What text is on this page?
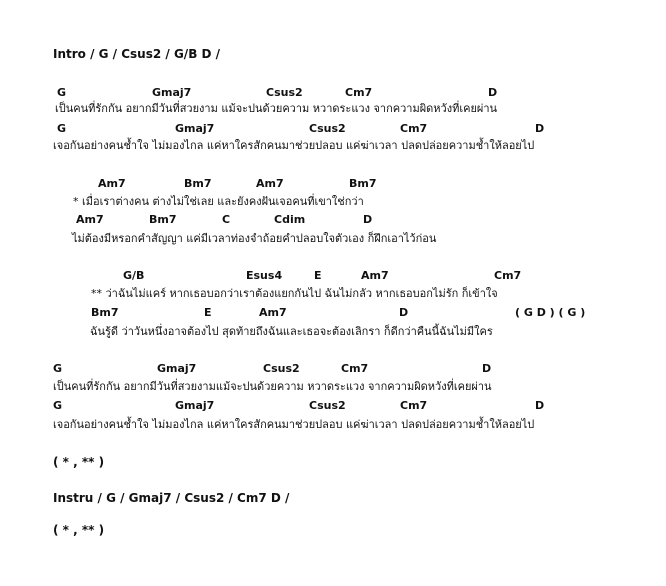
Intro / G / Csus2 / G/B D /
G	Gmaj7	Csus2	Cm7	D
เป็นคนที่รักกัน อยากมีวันที่สวยงาม แม้จะปนด้วยความ หวาดระแวง จากความผิดหวังที่เคยผ่าน
G	Gmaj7	Csus2	Cm7	D
เจอกันอย่างคนช้ำใจ ไม่มองไกล แค่หาใครสักคนมาช่วยปลอบ แค่ฆ่าเวลา ปลดปล่อยความช้ำให้ลอยไป
Am7	Bm7	Am7	Bm7
* เมื่อเราต่างคน ต่างไม่ใช่เลย และยังคงฝันเจอคนที่เขาใช่กว่า
Am7	Bm7	C	Cdim	D
ไม่ต้องมีหรอกคำสัญญา แค่มีเวลาท่องจำถ้อยคำปลอบใจตัวเอง ก็ฝึกเอาไว้ก่อน
G/B	Esus4	E	Am7	Cm7
** ว่าฉันไม่แคร์ หากเธอบอกว่าเราต้องแยกกันไป ฉันไม่กลัว หากเธอบอกไม่รัก ก็เข้าใจ
Bm7	E	Am7	D	( G D ) ( G )
ฉันรู้ดี ว่าวันหนึ่งอาจต้องไป สุดท้ายถึงฉันและเธอจะต้องเลิกรา ก็ดีกว่าคืนนี้ฉันไม่มีใคร
G	Gmaj7	Csus2	Cm7	D
เป็นคนที่รักกัน อยากมีวันที่สวยงามแม้จะปนด้วยความ หวาดระแวง จากความผิดหวังที่เคยผ่าน
G	Gmaj7	Csus2	Cm7	D
เจอกันอย่างคนช้ำใจ ไม่มองไกล แค่หาใครสักคนมาช่วยปลอบ แค่ฆ่าเวลา ปลดปล่อยความช้ำให้ลอยไป
( * , ** )
Instru / G / Gmaj7 / Csus2 / Cm7 D /
( * , ** )
